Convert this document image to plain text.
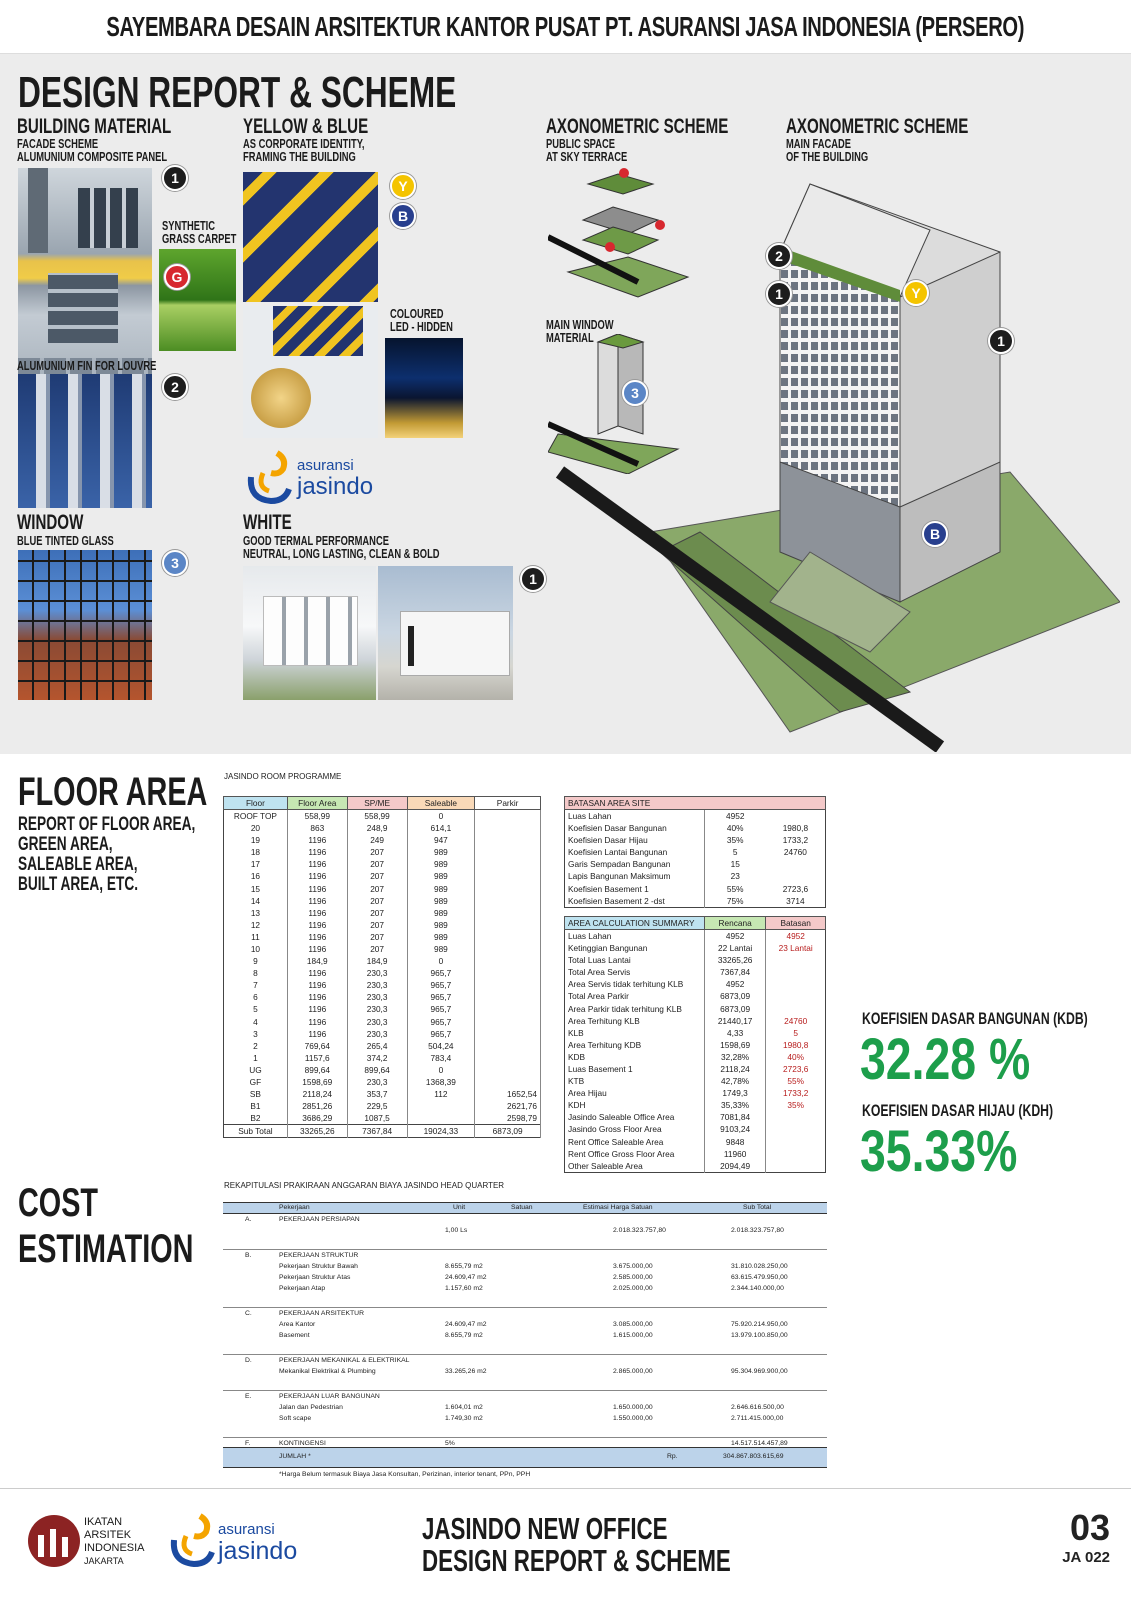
SAYEMBARA DESAIN ARSITEKTUR KANTOR PUSAT PT. ASURANSI JASA INDONESIA (PERSERO)
DESIGN REPORT & SCHEME
BUILDING MATERIAL
FACADE SCHEME
ALUMUNIUM COMPOSITE PANEL
1
SYNTHETIC
GRASS CARPET
G
ALUMUNIUM FIN FOR LOUVRE
2
WINDOW
BLUE TINTED GLASS
3
YELLOW & BLUE
AS CORPORATE IDENTITY,
FRAMING THE BUILDING
Y
B
COLOURED
LED - HIDDEN
asuransi
jasindo
WHITE
GOOD TERMAL PERFORMANCE
NEUTRAL, LONG LASTING, CLEAN & BOLD
1
AXONOMETRIC SCHEME
PUBLIC SPACE
AT SKY TERRACE
MAIN WINDOW
MATERIAL
3
AXONOMETRIC SCHEME
MAIN FACADE
OF THE BUILDING
2
1	Y
1
B
FLOOR AREA
REPORT OF FLOOR AREA,
GREEN AREA,
SALEABLE AREA,
BUILT AREA, ETC.
JASINDO ROOM PROGRAMME
Floor	Floor Area	SP/ME	Saleable	Parkir
ROOF TOP	558,99	558,99	0	
20	863	248,9	614,1	
19	1196	249	947	
18	1196	207	989	
17	1196	207	989	
16	1196	207	989	
15	1196	207	989	
14	1196	207	989	
13	1196	207	989	
12	1196	207	989	
11	1196	207	989	
10	1196	207	989	
9	184,9	184,9	0	
8	1196	230,3	965,7	
7	1196	230,3	965,7	
6	1196	230,3	965,7	
5	1196	230,3	965,7	
4	1196	230,3	965,7	
3	1196	230,3	965,7	
2	769,64	265,4	504,24	
1	1157,6	374,2	783,4	
UG	899,64	899,64	0	
GF	1598,69	230,3	1368,39	
SB	2118,24	353,7	112	1652,54
B1	2851,26	229,5		2621,76
B2	3686,29	1087,5		2598,79
Sub Total	33265,26	7367,84	19024,33	6873,09
BATASAN AREA SITE		
Luas Lahan	4952	
Koefisien Dasar Bangunan	40%	1980,8
Koefisien Dasar Hijau	35%	1733,2
Koefisien Lantai Bangunan	5	24760
Garis Sempadan Bangunan	15	
Lapis Bangunan Maksimum	23	
Koefisien Basement 1	55%	2723,6
Koefisien Basement 2 -dst	75%	3714
AREA CALCULATION SUMMARY	Rencana	Batasan
Luas Lahan	4952	4952
Ketinggian Bangunan	22 Lantai	23 Lantai
Total Luas Lantai	33265,26	
Total Area Servis	7367,84	
Area Servis tidak terhitung KLB	4952	
Total Area Parkir	6873,09	
Area Parkir tidak terhitung KLB	6873,09	
Area Terhitung KLB	21440,17	24760
KLB	4,33	5
Area Terhitung KDB	1598,69	1980,8
KDB	32,28%	40%
Luas Basement 1	2118,24	2723,6
KTB	42,78%	55%
Area Hijau	1749,3	1733,2
KDH	35,33%	35%
Jasindo Saleable Office Area	7081,84	
Jasindo Gross Floor Area	9103,24	
Rent Office Saleable Area	9848	
Rent Office Gross Floor Area	11960	
Other Saleable Area	2094,49	
KOEFISIEN DASAR BANGUNAN (KDB)
32.28 %
KOEFISIEN DASAR HIJAU (KDH)
35.33%
COST
ESTIMATION
REKAPITULASI PRAKIRAAN ANGGARAN BIAYA JASINDO HEAD QUARTER
Pekerjaan	Unit	Satuan	Estimasi Harga Satuan	Sub Total
A.	PEKERJAAN PERSIAPAN
1,00 Ls	2.018.323.757,80	2.018.323.757,80
B.	PEKERJAAN STRUKTUR
Pekerjaan Struktur Bawah	8.655,79 m2	3.675.000,00	31.810.028.250,00
Pekerjaan Struktur Atas	24.609,47 m2	2.585.000,00	63.615.479.950,00
Pekerjaan Atap	1.157,60 m2	2.025.000,00	2.344.140.000,00
C.	PEKERJAAN ARSITEKTUR
Area Kantor	24.609,47 m2	3.085.000,00	75.920.214.950,00
Basement	8.655,79 m2	1.615.000,00	13.979.100.850,00
D.	PEKERJAAN MEKANIKAL & ELEKTRIKAL
Mekanikal Elektrikal & Plumbing	33.265,26 m2	2.865.000,00	95.304.969.900,00
E.	PEKERJAAN LUAR BANGUNAN
Jalan dan Pedestrian	1.604,01 m2	1.650.000,00	2.646.616.500,00
Soft scape	1.749,30 m2	1.550.000,00	2.711.415.000,00
F.	KONTINGENSI	5%	14.517.514.457,89
JUMLAH *	Rp.	304.867.803.615,69
*Harga Belum termasuk Biaya Jasa Konsultan, Perizinan, interior tenant, PPn, PPH
IKATAN
ARSITEK
INDONESIA
JAKARTA
asuransi
jasindo
JASINDO NEW OFFICE
DESIGN REPORT & SCHEME
03
JA 022
